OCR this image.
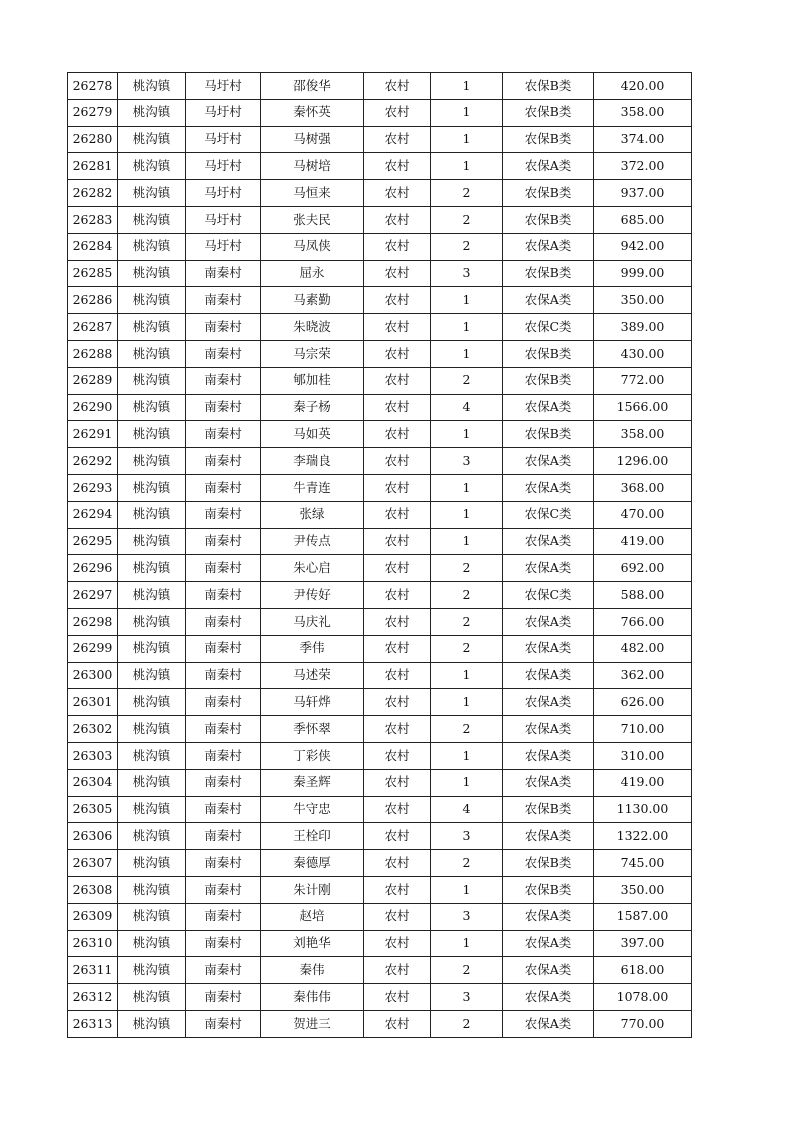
26278	桃沟镇	马圩村	邵俊华	农村	1	农保B类	420.00
26279	桃沟镇	马圩村	秦怀英	农村	1	农保B类	358.00
26280	桃沟镇	马圩村	马树强	农村	1	农保B类	374.00
26281	桃沟镇	马圩村	马树培	农村	1	农保A类	372.00
26282	桃沟镇	马圩村	马恒来	农村	2	农保B类	937.00
26283	桃沟镇	马圩村	张夫民	农村	2	农保B类	685.00
26284	桃沟镇	马圩村	马凤侠	农村	2	农保A类	942.00
26285	桃沟镇	南秦村	屈永	农村	3	农保B类	999.00
26286	桃沟镇	南秦村	马素勤	农村	1	农保A类	350.00
26287	桃沟镇	南秦村	朱晓波	农村	1	农保C类	389.00
26288	桃沟镇	南秦村	马宗荣	农村	1	农保B类	430.00
26289	桃沟镇	南秦村	郇加桂	农村	2	农保B类	772.00
26290	桃沟镇	南秦村	秦子杨	农村	4	农保A类	1566.00
26291	桃沟镇	南秦村	马如英	农村	1	农保B类	358.00
26292	桃沟镇	南秦村	李瑞良	农村	3	农保A类	1296.00
26293	桃沟镇	南秦村	牛青连	农村	1	农保A类	368.00
26294	桃沟镇	南秦村	张绿	农村	1	农保C类	470.00
26295	桃沟镇	南秦村	尹传点	农村	1	农保A类	419.00
26296	桃沟镇	南秦村	朱心启	农村	2	农保A类	692.00
26297	桃沟镇	南秦村	尹传好	农村	2	农保C类	588.00
26298	桃沟镇	南秦村	马庆礼	农村	2	农保A类	766.00
26299	桃沟镇	南秦村	季伟	农村	2	农保A类	482.00
26300	桃沟镇	南秦村	马述荣	农村	1	农保A类	362.00
26301	桃沟镇	南秦村	马轩烨	农村	1	农保A类	626.00
26302	桃沟镇	南秦村	季怀翠	农村	2	农保A类	710.00
26303	桃沟镇	南秦村	丁彩侠	农村	1	农保A类	310.00
26304	桃沟镇	南秦村	秦圣辉	农村	1	农保A类	419.00
26305	桃沟镇	南秦村	牛守忠	农村	4	农保B类	1130.00
26306	桃沟镇	南秦村	王栓印	农村	3	农保A类	1322.00
26307	桃沟镇	南秦村	秦德厚	农村	2	农保B类	745.00
26308	桃沟镇	南秦村	朱计刚	农村	1	农保B类	350.00
26309	桃沟镇	南秦村	赵培	农村	3	农保A类	1587.00
26310	桃沟镇	南秦村	刘艳华	农村	1	农保A类	397.00
26311	桃沟镇	南秦村	秦伟	农村	2	农保A类	618.00
26312	桃沟镇	南秦村	秦伟伟	农村	3	农保A类	1078.00
26313	桃沟镇	南秦村	贺进三	农村	2	农保A类	770.00
